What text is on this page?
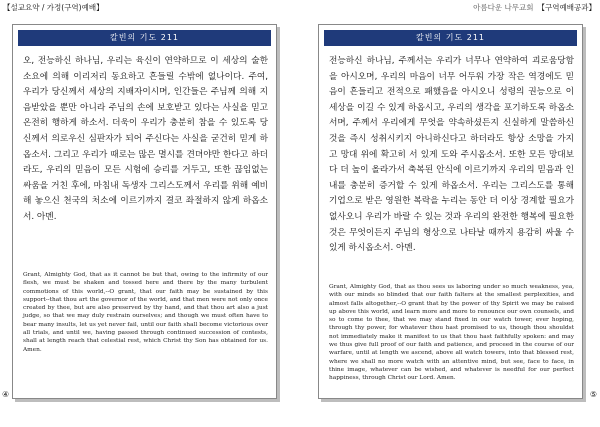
【설교요약 / 가정(구역)예배】	아름다운 나무교회 【구역예배공과】
칼빈의 기도 211

오, 전능하신 하나님, 우리는 육신이 연약하므로 이 세상의 술한 소요에 의해 이리저리 동요하고 흔들릴 수밖에 없나이다. 주여, 우리가 당신께서 세상의 지배자이시며, 인간들은 주님께 의해 지음받았을 뿐만 아니라 주님의 손에 보호받고 있다는 사실을 믿고 온전히 행하게 하소서. 더욱이 우리가 충분히 참을 수 있도록 당신께서 의로우신 심판자가 되어 주신다는 사실을 굳건히 믿게 하옵소서. 그리고 우리가 때로는 많은 멸시를 견뎌야만 한다고 하더라도, 우리의 믿음이 모든 시험에 승리를 거두고, 또한 끊임없는 싸움을 거친 후에, 마침내 독생자 그리스도께서 우리를 위해 예비해 놓으신 천국의 처소에 이르기까지 결코 좌절하지 않게 하옵소서. 아멘.

Grant, Almighty God, that as it cannot be but that, owing to the infirmity of our flesh, we must be shaken and tossed here and there by the many turbulent commotions of this world,--O grant, that our faith may be sustained by this support--that thou art the governor of the world, and that men were not only once created by thee, but are also preserved by thy hand, and that thou art also a just judge, so that we may duly restrain ourselves; and though we must often have to bear many insults, let us yet never fail, until our faith shall become victorious over all trials, and until we, having passed through continued succession of contests, shall at length reach that celestial rest, which Christ thy Son has obtained for us. Amen.

④
칼빈의 기도 211

전능하신 하나님, 주께서는 우리가 너무나 연약하여 괴로움당함을 아시오며, 우리의 마음이 너무 어두워 가장 작은 역경에도 믿음이 흔들리고 전적으로 패했음을 아시오니 성령의 권능으로 이 세상을 이길 수 있게 하옵시고, 우리의 생각을 포기하도록 하옵소서며, 주께서 우리에게 무엇을 약속하셨든지 신실하게 말씀하신 것을 즉시 성취시키지 아니하신다고 하더라도 항상 소망을 가지고 망대 위에 확고히 서 있게 도와 주시옵소서. 또한 모든 망대보다 더 높이 올라가서 축복된 안식에 이르기까지 우리의 믿음과 인내를 충분히 증거할 수 있게 하옵소서. 우리는 그리스도를 통해 기업으로 받은 영원한 복락을 누리는 동안 더 이상 경계할 필요가 없사오니 우리가 바랄 수 있는 것과 우리의 완전한 행복에 필요한 것은 무엇이든지 주님의 형상으로 나타날 때까지 용감히 싸울 수 있게 하시옵소서. 아멘.

Grant, Almighty God, that as thou sees us laboring under so much weakness, yea, with our minds so blinded that our faith falters at the smallest perplexities, and almost falls altogether,--O grant that by the power of thy Spirit we may be raised up above this world, and learn more and more to renounce our own counsels, and so to come to thee, that we may stand fixed in our watch tower, ever hoping, through thy power, for whatever thou hast promised to us, though thou shouldst not immediately make it manifest to us that thou hast faithfully spoken: and may we thus give full proof of our faith and patience, and proceed in the course of our warfare, until at length we ascend, above all watch towers, into that blessed rest, where we shall no more watch with an attentive mind, but see, face to face, in thine image, whatever can be wished, and whatever is needful for our perfect happiness, through Christ our Lord. Amen.

⑤
